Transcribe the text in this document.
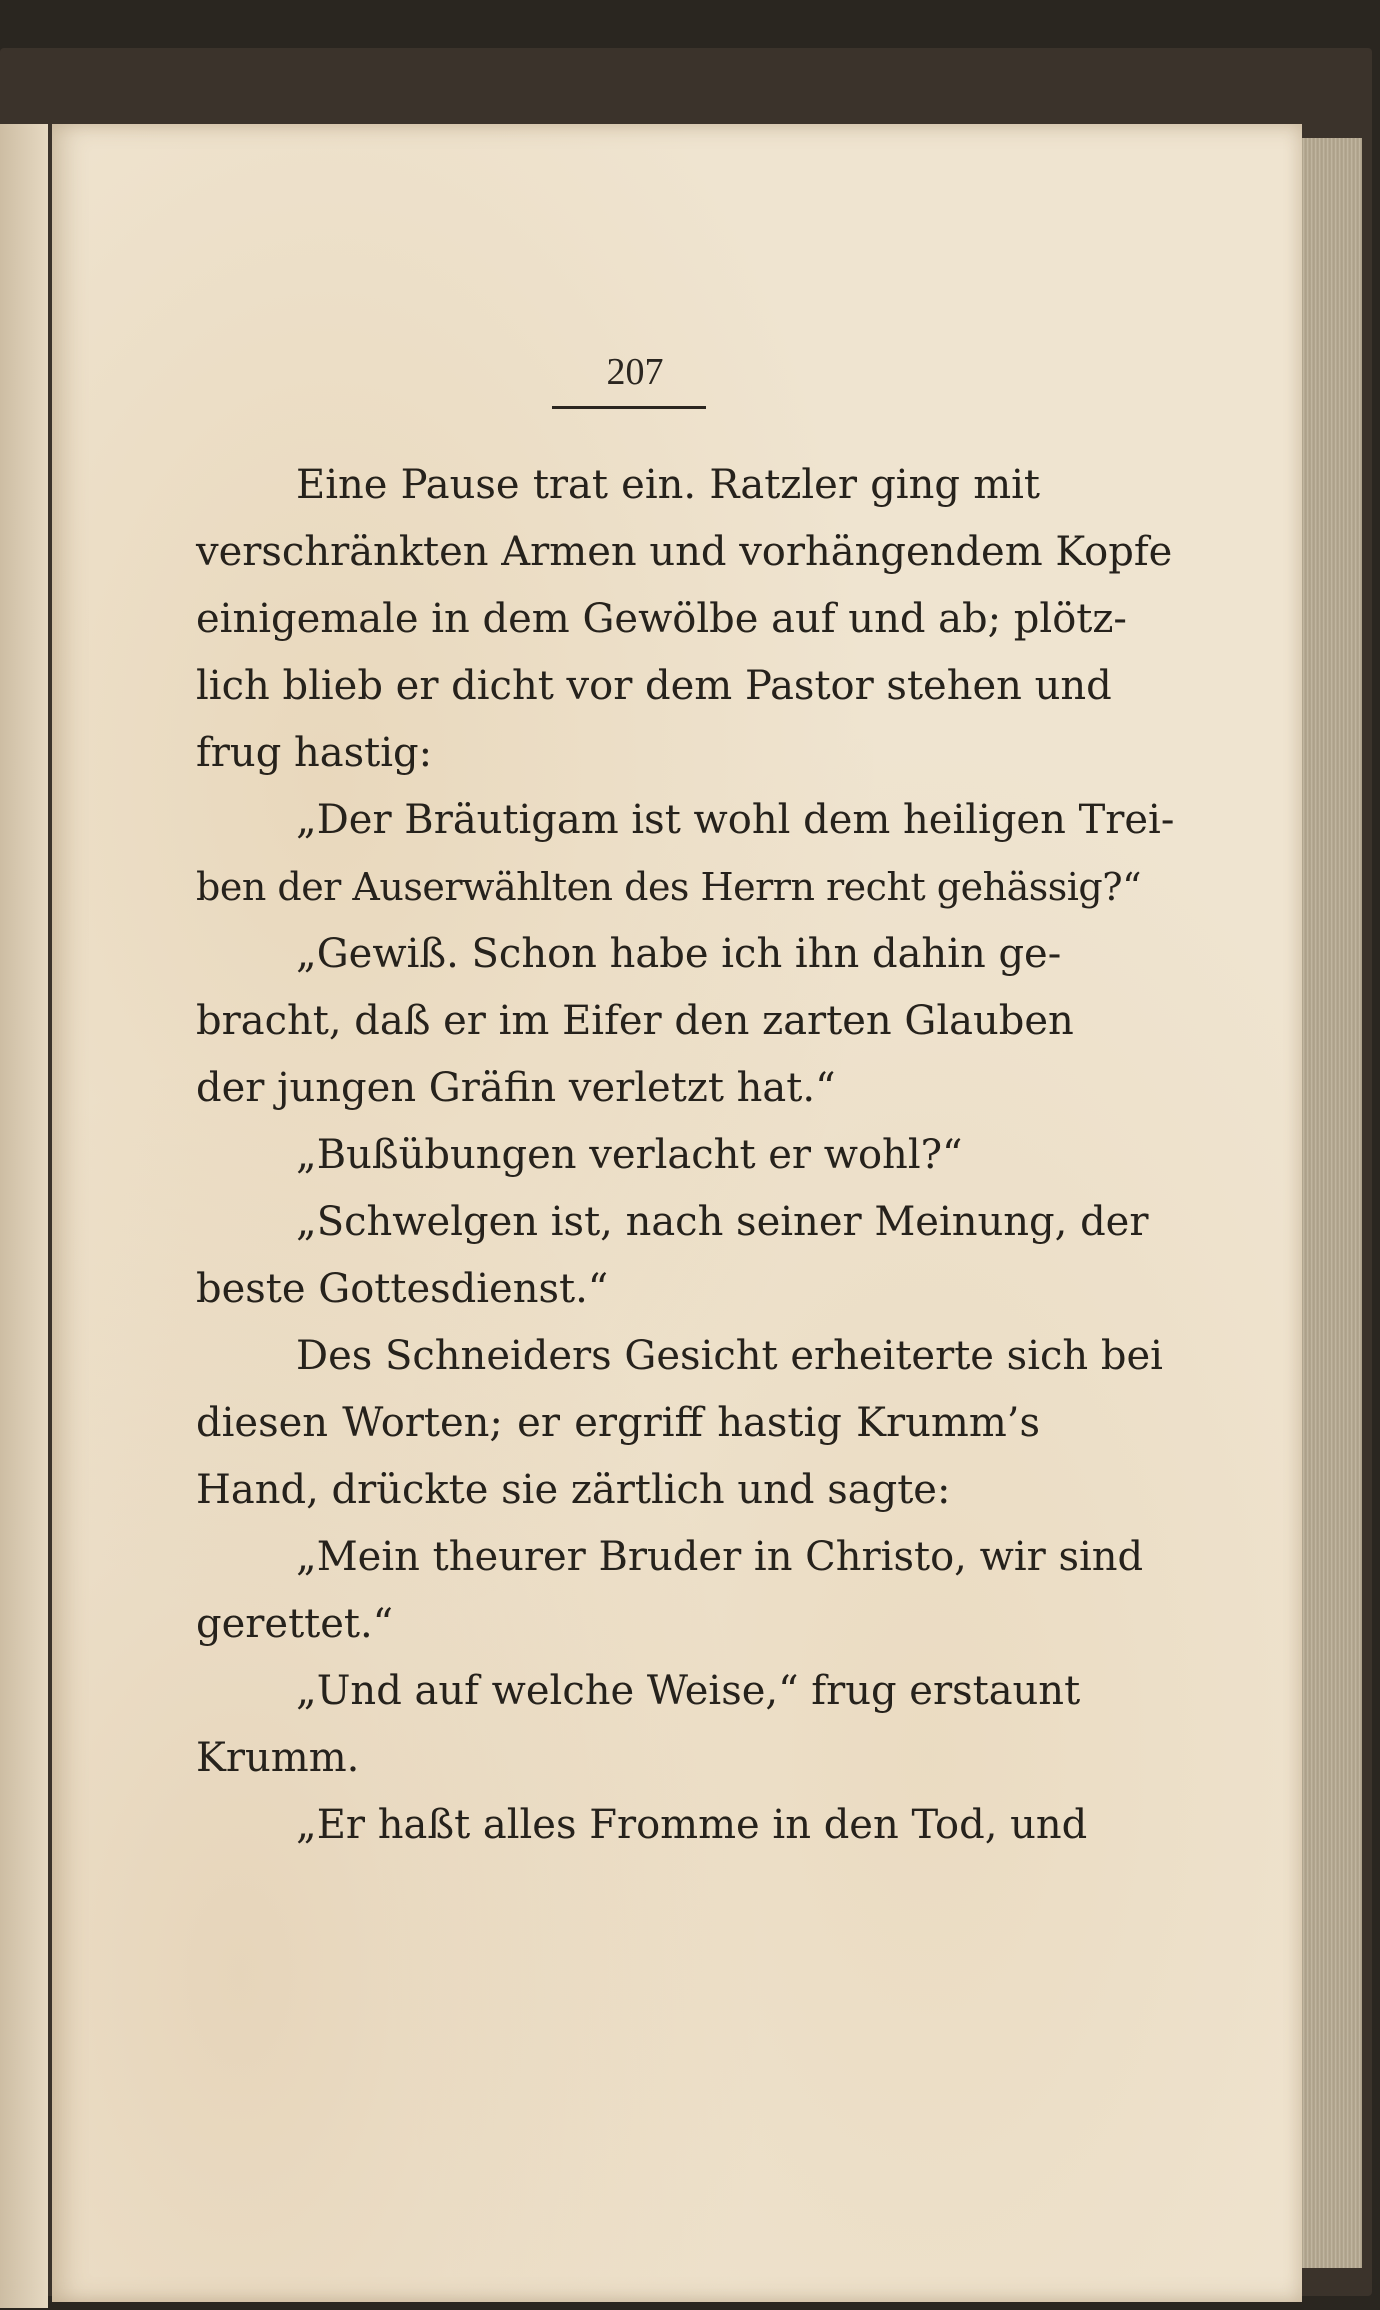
207
Eine Pause trat ein. Ratzler ging mit
verschränkten Armen und vorhängendem Kopfe
einigemale in dem Gewölbe auf und ab; plötz-
lich blieb er dicht vor dem Pastor stehen und
frug hastig:
„Der Bräutigam ist wohl dem heiligen Trei-
ben der Auserwählten des Herrn recht gehässig?“
„Gewiß. Schon habe ich ihn dahin ge-
bracht, daß er im Eifer den zarten Glauben
der jungen Gräfin verletzt hat.“
„Bußübungen verlacht er wohl?“
„Schwelgen ist, nach seiner Meinung, der
beste Gottesdienst.“
Des Schneiders Gesicht erheiterte sich bei
diesen Worten; er ergriff hastig Krumm’s
Hand, drückte sie zärtlich und sagte:
„Mein theurer Bruder in Christo, wir sind
gerettet.“
„Und auf welche Weise,“ frug erstaunt
Krumm.
„Er haßt alles Fromme in den Tod, und
